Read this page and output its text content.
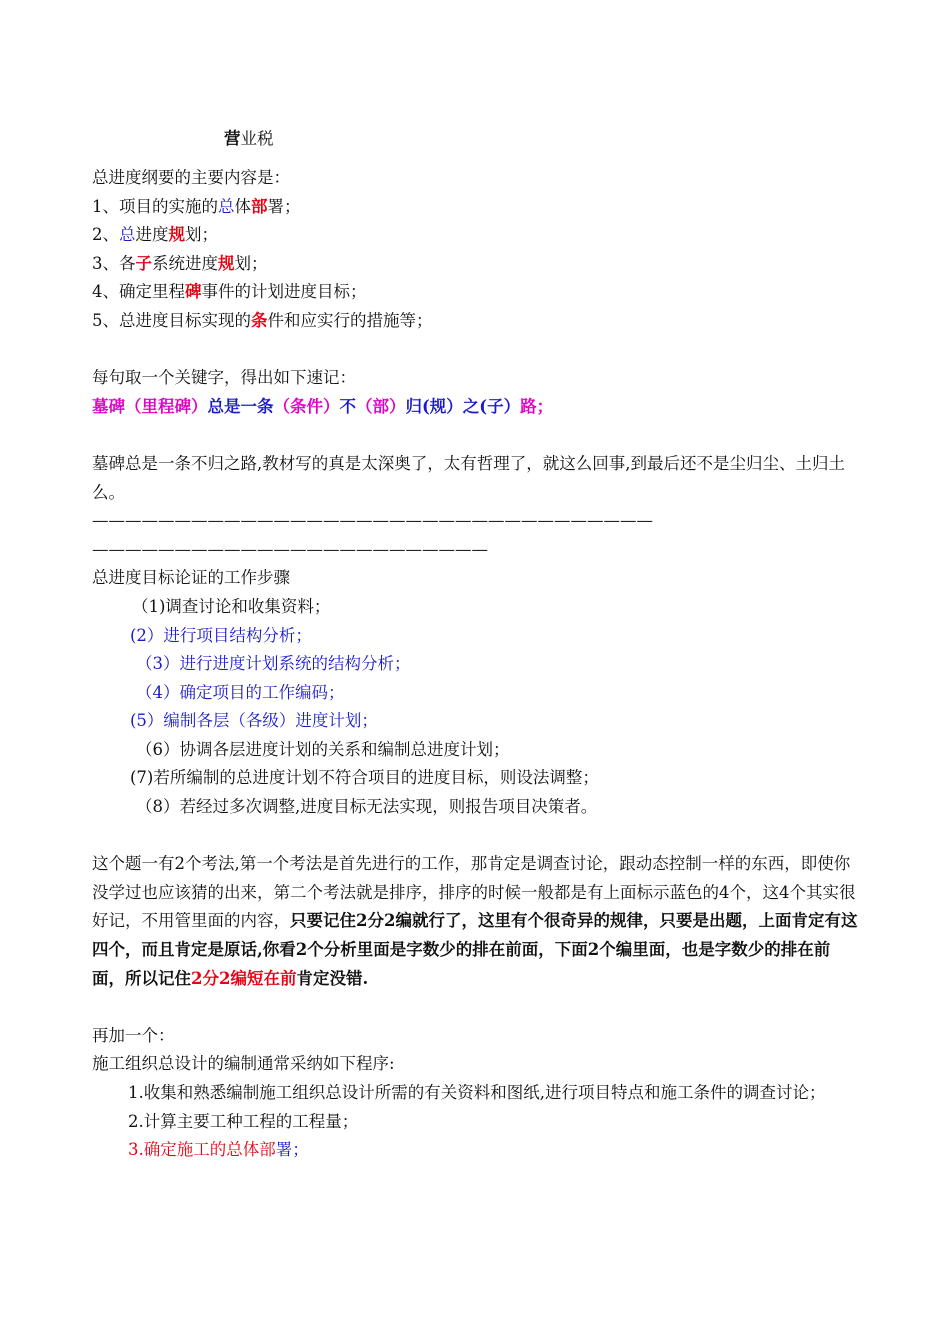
营业税
总进度纲要的主要内容是：
1、项目的实施的总体部署；
2、总进度规划；
3、各子系统进度规划；
4、确定里程碑事件的计划进度目标；
5、总进度目标实现的条件和应实行的措施等；
每句取一个关键字，得出如下速记：
墓碑（里程碑）总是一条（条件）不（部）归(规）之(子）路；
墓碑总是一条不归之路,教材写的真是太深奥了，太有哲理了，就这么回事,到最后还不是尘归尘、土归土么。
——————————————————————————————————
————————————————————————
总进度目标论证的工作步骤
（1)调查讨论和收集资料；
(2）进行项目结构分析；
（3）进行进度计划系统的结构分析；
（4）确定项目的工作编码；
(5）编制各层（各级）进度计划；
（6）协调各层进度计划的关系和编制总进度计划；
(7)若所编制的总进度计划不符合项目的进度目标，则设法调整；
（8）若经过多次调整,进度目标无法实现，则报告项目决策者。
这个题一有2个考法,第一个考法是首先进行的工作，那肯定是调查讨论，跟动态控制一样的东西，即使你没学过也应该猜的出来，第二个考法就是排序，排序的时候一般都是有上面标示蓝色的4个，这4个其实很好记，不用管里面的内容，只要记住2分2编就行了，这里有个很奇异的规律，只要是出题，上面肯定有这四个，而且肯定是原话,你看2个分析里面是字数少的排在前面，下面2个编里面，也是字数少的排在前面，所以记住2分2编短在前肯定没错.
再加一个：
施工组织总设计的编制通常采纳如下程序:
1.收集和熟悉编制施工组织总设计所需的有关资料和图纸,进行项目特点和施工条件的调查讨论；
2.计算主要工种工程的工程量；
3.确定施工的总体部署；
